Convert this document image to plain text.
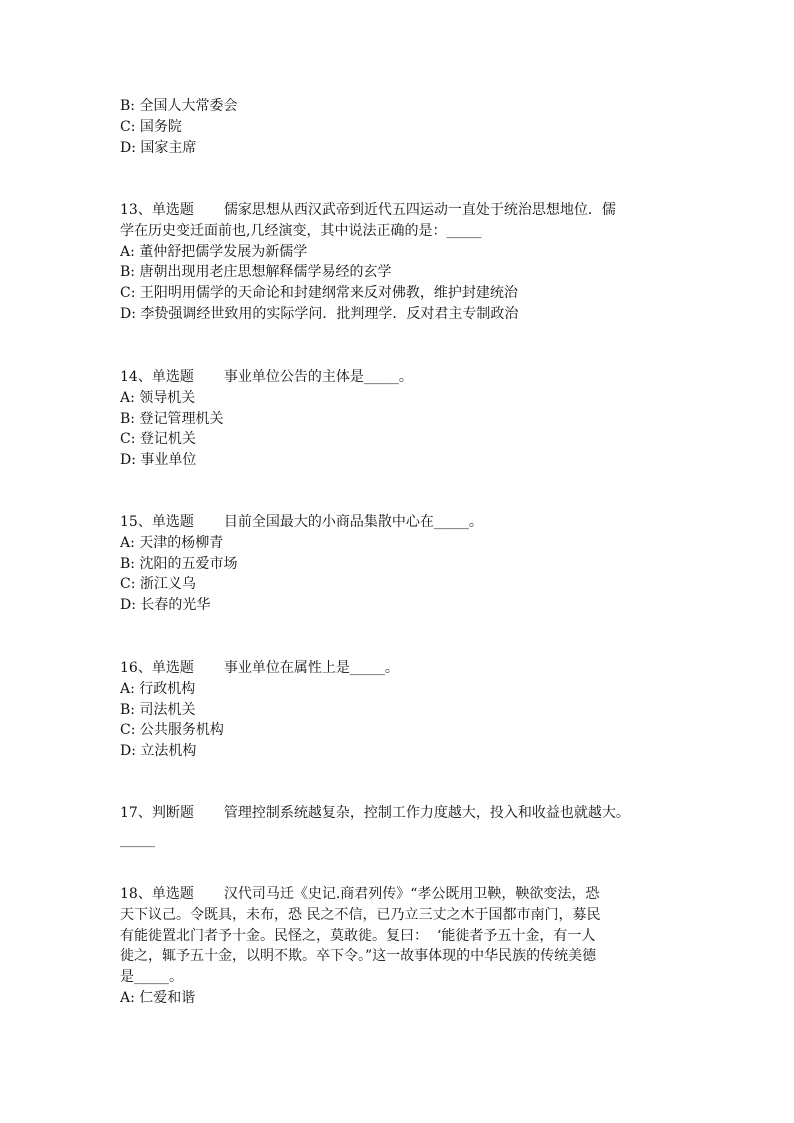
B: 全国人大常委会
C: 国务院
D: 国家主席
13、单选题 儒家思想从西汉武帝到近代五四运动一直处于统治思想地位．儒
学在历史变迁面前也,几经演变，其中说法正确的是：_____
A: 董仲舒把儒学发展为新儒学
B: 唐朝出现用老庄思想解释儒学易经的玄学
C: 王阳明用儒学的天命论和封建纲常来反对佛教，维护封建统治
D: 李贽强调经世致用的实际学问．批判理学．反对君主专制政治
14、单选题 事业单位公告的主体是_____。
A: 领导机关
B: 登记管理机关
C: 登记机关
D: 事业单位
15、单选题 目前全国最大的小商品集散中心在_____。
A: 天津的杨柳青
B: 沈阳的五爱市场
C: 浙江义乌
D: 长春的光华
16、单选题 事业单位在属性上是_____。
A: 行政机构
B: 司法机关
C: 公共服务机构
D: 立法机构
17、判断题 管理控制系统越复杂，控制工作力度越大，投入和收益也就越大。
_____
18、单选题 汉代司马迁《史记.商君列传》“孝公既用卫鞅，鞅欲变法，恐
天下议己。令既具，未布，恐 民之不信，已乃立三丈之木于国都市南门，募民
有能徙置北门者予十金。民怪之，莫敢徙。复曰：  ‘能徙者予五十金，有一人
徙之，辄予五十金，以明不欺。卒下令。”这一故事体现的中华民族的传统美德
是_____。
A: 仁爱和谐
